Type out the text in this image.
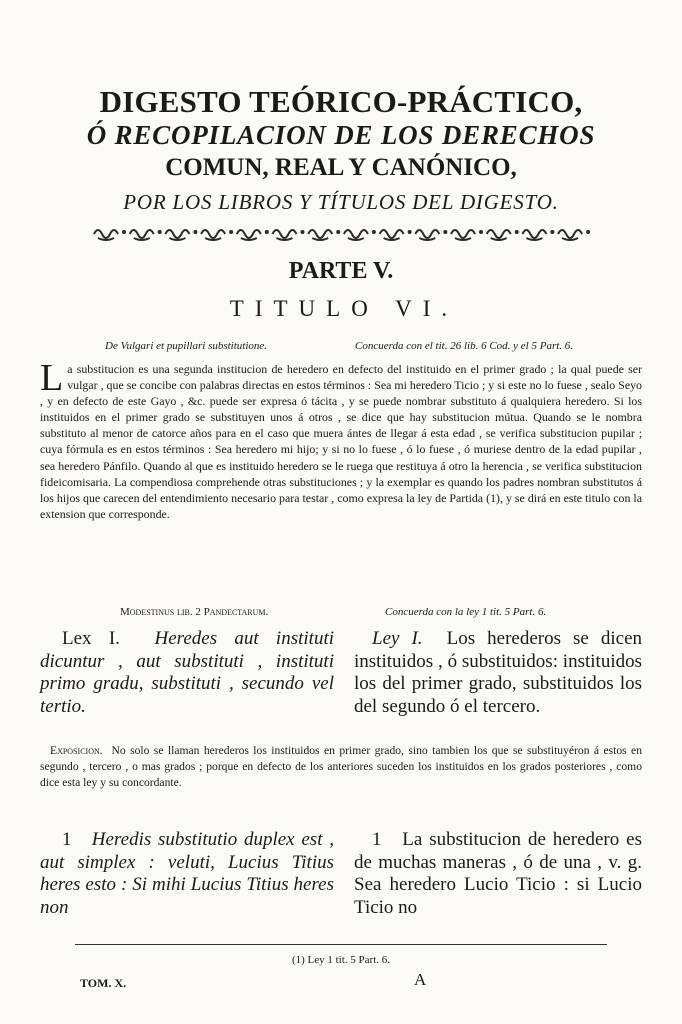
DIGESTO TEÓRICO-PRÁCTICO,
Ó RECOPILACION DE LOS DERECHOS
COMUN, REAL Y CANÓNICO,
POR LOS LIBROS Y TÍTULOS DEL DIGESTO.
PARTE V.
TITULO VI.
De Vulgari et pupillari substitutione.	Concuerda con el tit. 26 lib. 6 Cod. y el 5 Part. 6.

La substitucion es una segunda institucion de heredero en defecto del instituido en el primer grado ; la qual puede ser vulgar , que se concibe con palabras directas en estos términos : Sea mi heredero Ticio ; y si este no lo fuese , sealo Seyo , y en defecto de este Gayo , &c. puede ser expresa ó tácita , y se puede nombrar substituto á qualquiera heredero. Si los instituidos en el primer grado se substituyen unos á otros , se dice que hay substitucion mútua. Quando se le nombra substituto al menor de catorce años para en el caso que muera ántes de llegar á esta edad , se verifica substitucion pupilar ; cuya fórmula es en estos términos : Sea heredero mi hijo; y si no lo fuese , ó lo fuese , ó muriese dentro de la edad pupilar , sea heredero Pánfilo. Quando al que es instituido heredero se le ruega que restituya á otro la herencia , se verifica substitucion fideicomisaria. La compendiosa comprehende otras substituciones ; y la exemplar es quando los padres nombran substitutos á los hijos que carecen del entendimiento necesario para testar , como expresa la ley de Partida (1), y se dirá en este titulo con la extension que corresponde.

Modestinus lib. 2 Pandectarum.	Concuerda con la ley 1 tit. 5 Part. 6.

Lex I. Heredes aut instituti dicuntur , aut substituti , instituti primo gradu, substituti , secundo vel tertio.

Ley I. Los herederos se dicen instituidos , ó substituidos: instituidos los del primer grado, substituidos los del segundo ó el tercero.

Exposicion. No solo se llaman herederos los instituidos en primer grado, sino tambien los que se substituyéron á estos en segundo , tercero , o mas grados ; porque en defecto de los anteriores suceden los instituidos en los grados posteriores , como dice esta ley y su concordante.

1 Heredis substitutio duplex est , aut simplex : veluti, Lucius Titius heres esto : Si mihi Lucius Titius heres non

1 La substitucion de heredero es de muchas maneras , ó de una , v. g. Sea heredero Lucio Ticio : si Lucio Ticio no

(1) Ley 1 tit. 5 Part. 6.
TOM. X.	A
